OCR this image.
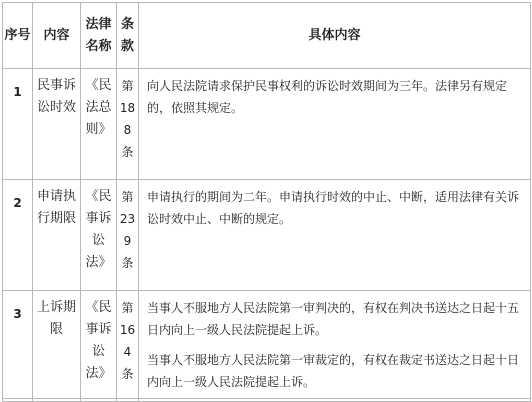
序号	内容	法律名称	条款	具体内容
1	民事诉讼时效	《民法总则》	第188条	向人民法院请求保护民事权利的诉讼时效期间为三年。法律另有规定的，依照其规定。

2	申请执行期限	《民事诉讼法》	第239条	申请执行的期间为二年。申请执行时效的中止、中断，适用法律有关诉讼时效中止、中断的规定。

3	上诉期限	《民事诉讼法》	第164条	当事人不服地方人民法院第一审判决的，有权在判决书送达之日起十五日内向上一级人民法院提起上诉。
当事人不服地方人民法院第一审裁定的，有权在裁定书送达之日起十日内向上一级人民法院提起上诉。
